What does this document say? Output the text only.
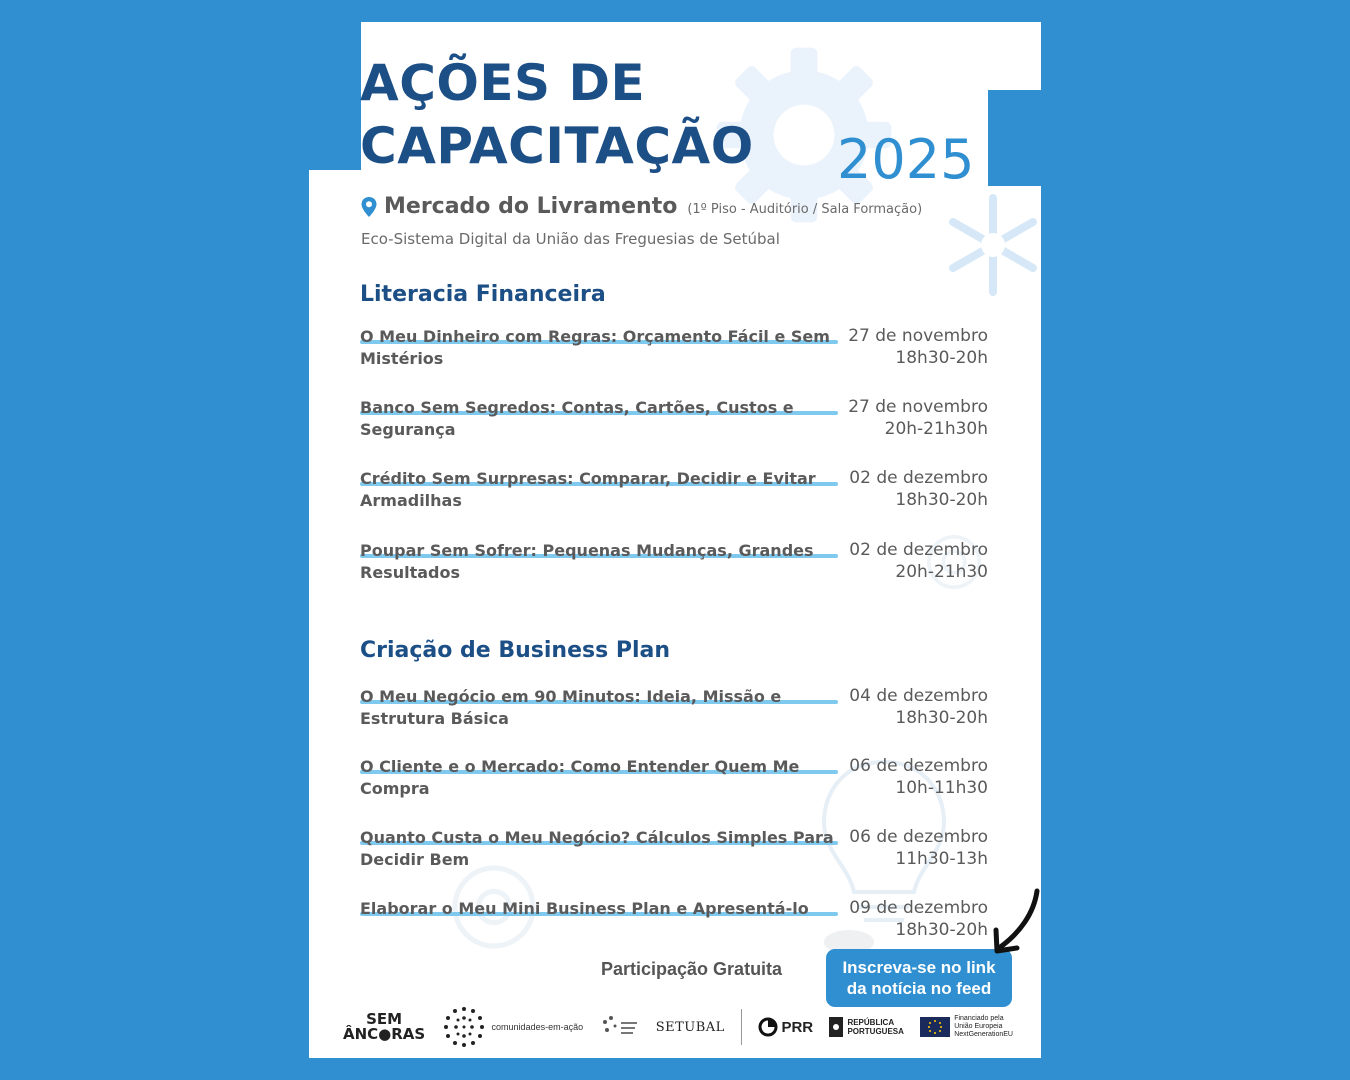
AÇÕES DE
CAPACITAÇÃO 2025
Mercado do Livramento (1º Piso - Auditório / Sala Formação)
Eco-Sistema Digital da União das Freguesias de Setúbal
Literacia Financeira
O Meu Dinheiro com Regras: Orçamento Fácil e Sem Mistérios
27 de novembro
18h30-20h
Banco Sem Segredos: Contas, Cartões, Custos e Segurança
27 de novembro
20h-21h30h
Crédito Sem Surpresas: Comparar, Decidir e Evitar Armadilhas
02 de dezembro
18h30-20h
Poupar Sem Sofrer: Pequenas Mudanças, Grandes Resultados
02 de dezembro
20h-21h30
Criação de Business Plan
O Meu Negócio em 90 Minutos: Ideia, Missão e Estrutura Básica
04 de dezembro
18h30-20h
O Cliente e o Mercado: Como Entender Quem Me Compra
06 de dezembro
10h-11h30
Quanto Custa o Meu Negócio? Cálculos Simples Para Decidir Bem
06 de dezembro
11h30-13h
Elaborar o Meu Mini Business Plan e Apresentá-lo	09 de dezembro
18h30-20h
Participação Gratuita	Inscreva-se no link
da notícia no feed
SEM
ÂNC●RAS	comunidades-em-ação	SETUBAL	PRR	REPÚBLICA
PORTUGUESA
Financiado pela
União Europeia
NextGenerationEU
